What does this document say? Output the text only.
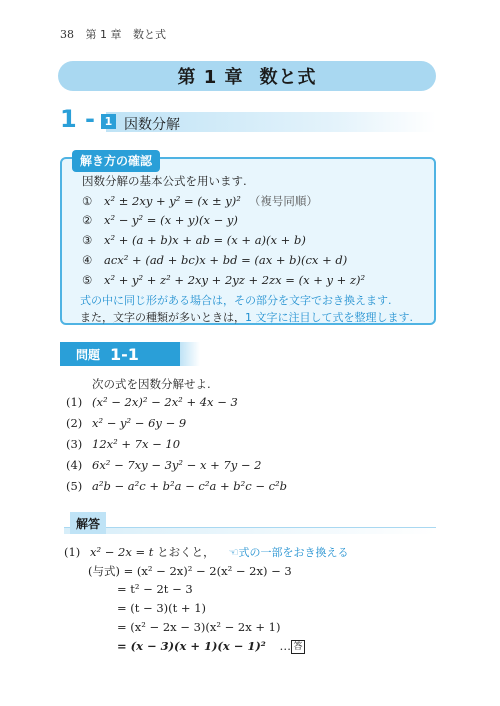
38 第 1 章 数と式
第 1 章 数と式
1 - 1 因数分解
解き方の確認
因数分解の基本公式を用います.
① x² ± 2xy + y² = (x ± y)² （複号同順）
② x² − y² = (x + y)(x − y)
③ x² + (a + b)x + ab = (x + a)(x + b)
④ acx² + (ad + bc)x + bd = (ax + b)(cx + d)
⑤ x² + y² + z² + 2xy + 2yz + 2zx = (x + y + z)²
式の中に同じ形がある場合は，その部分を文字でおき換えます.
また，文字の種類が多いときは，1 文字に注目して式を整理します.
問題 1-1
次の式を因数分解せよ.
(1) (x² − 2x)² − 2x² + 4x − 3
(2) x² − y² − 6y − 9
(3) 12x² + 7x − 10
(4) 6x² − 7xy − 3y² − x + 7y − 2
(5) a²b − a²c + b²a − c²a + b²c − c²b
解答
(1) x² − 2x = t とおくと， ☜式の一部をおき換える
(与式) = (x² − 2x)² − 2(x² − 2x) − 3
= t² − 2t − 3
= (t − 3)(t + 1)
= (x² − 2x − 3)(x² − 2x + 1)
= (x − 3)(x + 1)(x − 1)² … 答
